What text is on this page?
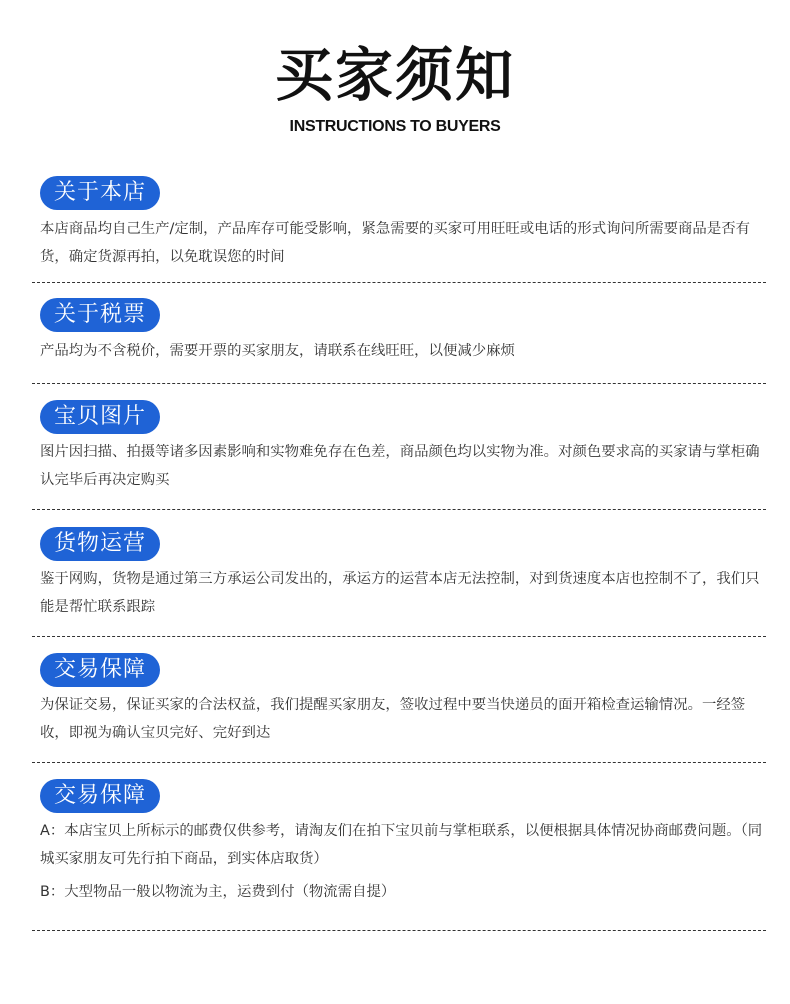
买家须知
INSTRUCTIONS TO BUYERS
关于本店

本店商品均自己生产/定制，产品库存可能受影响，紧急需要的买家可用旺旺或电话的形式询问所需要商品是否有货，确定货源再拍，以免耽误您的时间

关于税票

产品均为不含税价，需要开票的买家朋友，请联系在线旺旺，以便减少麻烦

宝贝图片

图片因扫描、拍摄等诸多因素影响和实物难免存在色差，商品颜色均以实物为准。对颜色要求高的买家请与掌柜确认完毕后再决定购买

货物运营

鉴于网购，货物是通过第三方承运公司发出的，承运方的运营本店无法控制，对到货速度本店也控制不了，我们只能是帮忙联系跟踪

交易保障

为保证交易，保证买家的合法权益，我们提醒买家朋友，签收过程中要当快递员的面开箱检查运输情况。一经签收，即视为确认宝贝完好、完好到达

交易保障

A：本店宝贝上所标示的邮费仅供参考，请淘友们在拍下宝贝前与掌柜联系，以便根据具体情况协商邮费问题。（同城买家朋友可先行拍下商品，到实体店取货）

B：大型物品一般以物流为主，运费到付（物流需自提）
